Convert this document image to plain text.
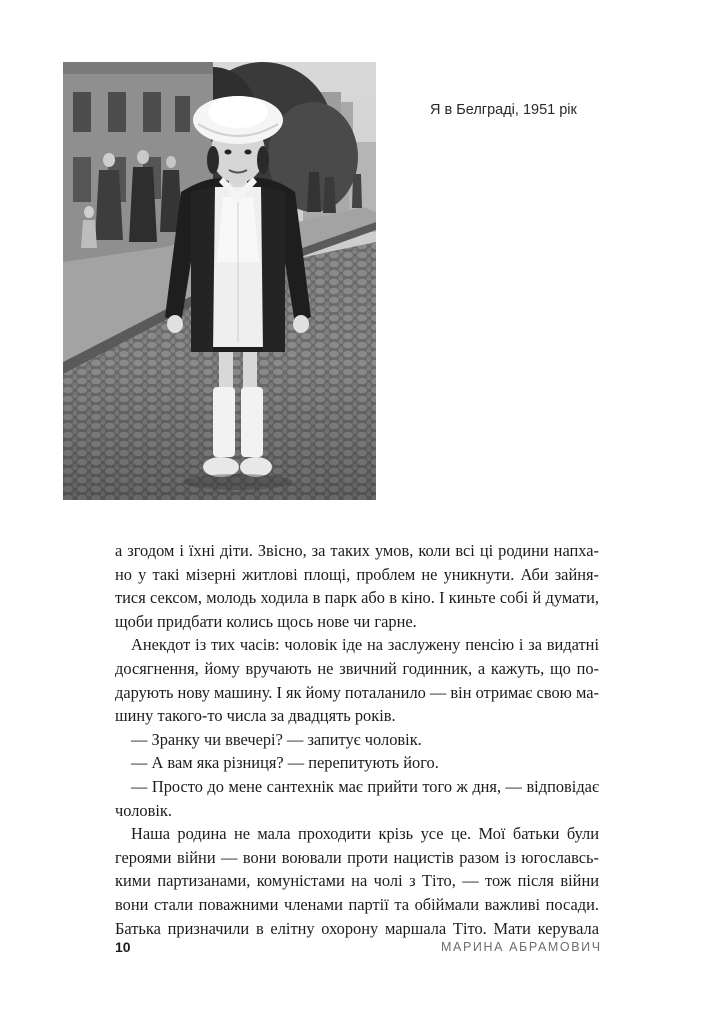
Я в Белграді, 1951 рік
а згодом і їхні діти. Звісно, за таких умов, коли всі ці родини напха-
но у такі мізерні житлові площі, проблем не уникнути. Аби зайня-
тися сексом, молодь ходила в парк або в кіно. І киньте собі й думати,
щоби придбати колись щось нове чи гарне.
Анекдот із тих часів: чоловік іде на заслужену пенсію і за видатні
досягнення, йому вручають не звичний годинник, а кажуть, що по-
дарують нову машину. І як йому поталанило — він отримає свою ма-
шину такого-то числа за двадцять років.
— Зранку чи ввечері? — запитує чоловік.
— А вам яка різниця? — перепитують його.
— Просто до мене сантехнік має прийти того ж дня, — відповідає
чоловік.
Наша родина не мала проходити крізь усе це. Мої батьки були
героями війни — вони воювали проти нацистів разом із югославсь-
кими партизанами, комуністами на чолі з Тіто, — тож після війни
вони стали поважними членами партії та обіймали важливі посади.
Батька призначили в елітну охорону маршала Тіто. Мати керувала
10	МАРИНА АБРАМОВИЧ
